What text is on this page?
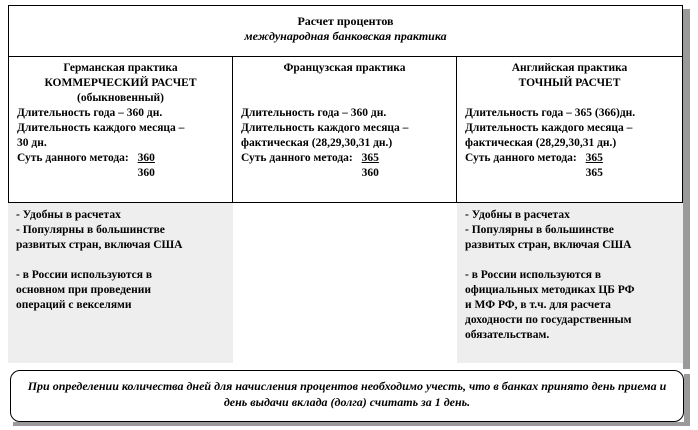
Расчет процентов
международная банковская практика
Германская практика
КОММЕРЧЕСКИЙ РАСЧЕТ
(обыкновенный)
Длительность года – 360 дн.
Длительность каждого месяца –
30 дн.
Суть данного метода: $\frac{360}{360}$
Французская практика
Длительность года – 360 дн.
Длительность каждого месяца –
фактическая (28,29,30,31 дн.)
Суть данного метода: $\frac{365}{360}$
Английская практика
ТОЧНЫЙ РАСЧЕТ
Длительность года – 365 (366)дн.
Длительность каждого месяца –
фактическая (28,29,30,31 дн.)
Суть данного метода: $\frac{365}{365}$
- Удобны в расчетах
- Популярны в большинстве
развитых стран, включая США
- в России используются в
основном при проведении
операций с векселями
- Удобны в расчетах
- Популярны в большинстве
развитых стран, включая США
- в России используются в
официальных методиках ЦБ РФ
и МФ РФ, в т.ч. для расчета
доходности по государственным
обязательствам.
При определении количества дней для начисления процентов необходимо учесть, что в банках принято день приема и день выдачи вклада (долга) считать за 1 день.
